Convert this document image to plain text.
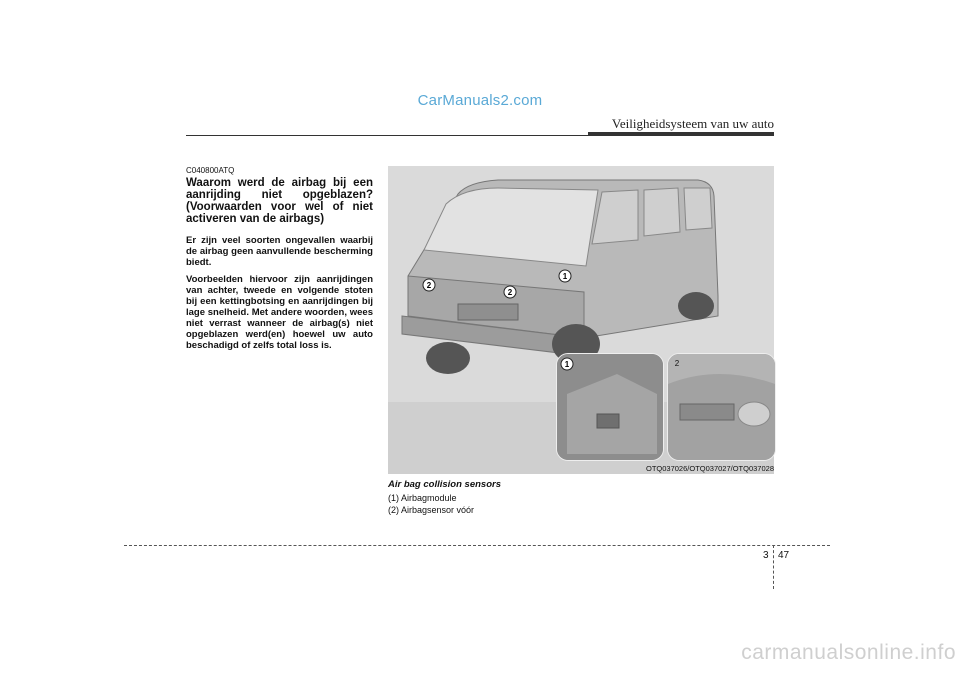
CarManuals2.com
Veiligheidsysteem van uw auto
C040800ATQ
Waarom werd de airbag bij een aanrijding niet opgeblazen? (Voorwaarden voor wel of niet activeren van de airbags)

Er zijn veel soorten ongevallen waarbij de airbag geen aanvullende bescherming biedt.

Voorbeelden hiervoor zijn aanrijdingen van achter, tweede en volgende stoten bij een kettingbotsing en aanrijdingen bij lage snelheid. Met andere woorden, wees niet verrast wanneer de airbag(s) niet opgeblazen werd(en) hoewel uw auto beschadigd of zelfs total loss is.

2
2
1
1	2
OTQ037026/OTQ037027/OTQ037028
Air bag collision sensors
(1) Airbagmodule
(2) Airbagsensor vóór
3 47
carmanualsonline.info
